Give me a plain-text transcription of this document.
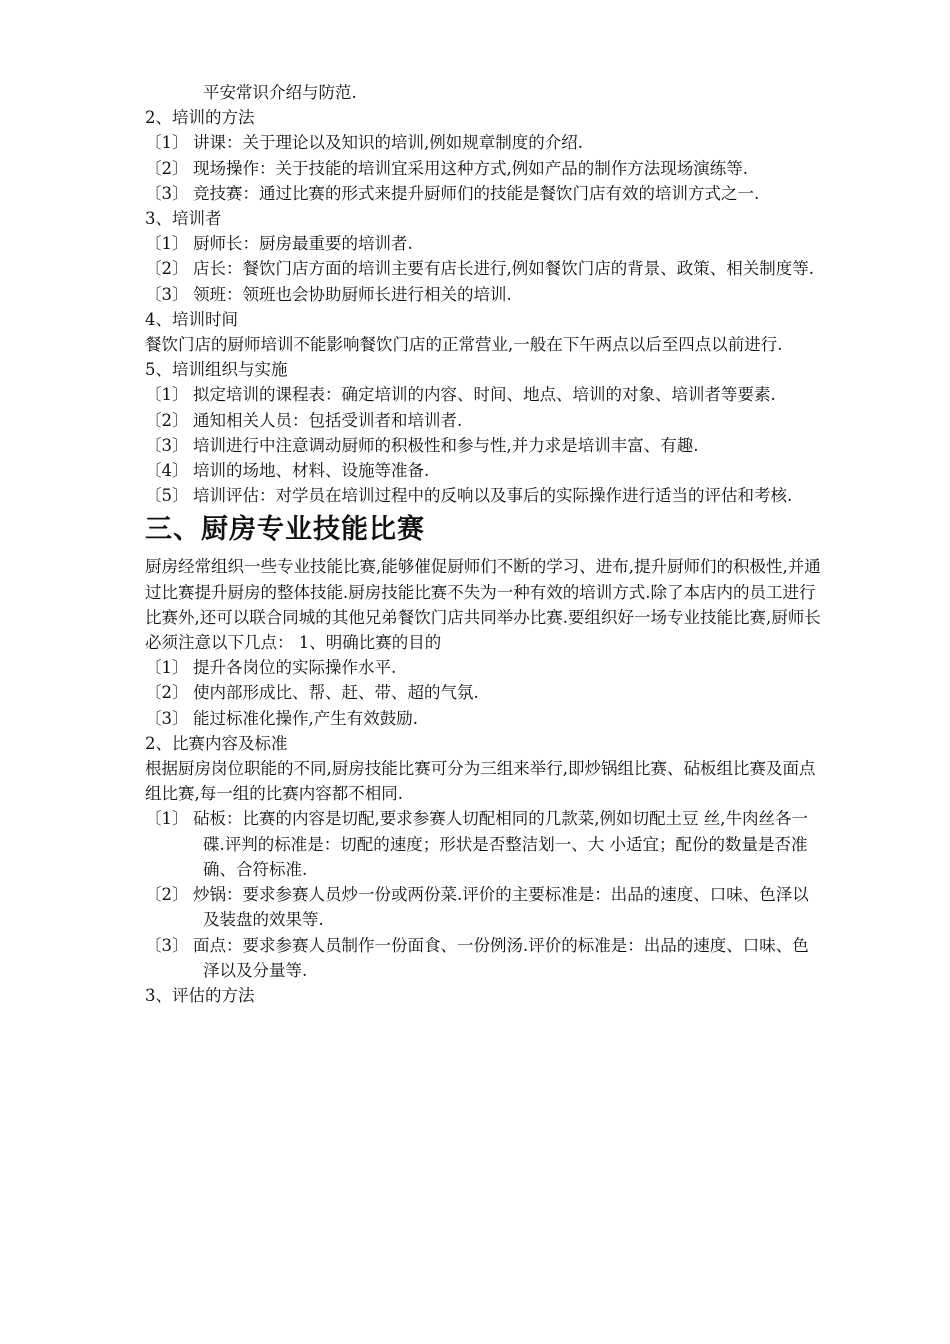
平安常识介绍与防范.

2、培训的方法

〔1〕 讲课：关于理论以及知识的培训,例如规章制度的介绍.

〔2〕 现场操作：关于技能的培训宜采用这种方式,例如产品的制作方法现场演练等.

〔3〕 竞技赛：通过比赛的形式来提升厨师们的技能是餐饮门店有效的培训方式之一.

3、培训者

〔1〕 厨师长：厨房最重要的培训者.

〔2〕 店长：餐饮门店方面的培训主要有店长进行,例如餐饮门店的背景、政策、相关制度等.

〔3〕 领班：领班也会协助厨师长进行相关的培训.

4、培训时间

餐饮门店的厨师培训不能影响餐饮门店的正常营业,一般在下午两点以后至四点以前进行.

5、培训组织与实施

〔1〕 拟定培训的课程表：确定培训的内容、时间、地点、培训的对象、培训者等要素.

〔2〕 通知相关人员：包括受训者和培训者.

〔3〕 培训进行中注意调动厨师的积极性和参与性,并力求是培训丰富、有趣.

〔4〕 培训的场地、材料、设施等准备.

〔5〕 培训评估：对学员在培训过程中的反响以及事后的实际操作进行适当的评估和考核.

三、厨房专业技能比赛

厨房经常组织一些专业技能比赛,能够催促厨师们不断的学习、进布,提升厨师们的积极性,并通过比赛提升厨房的整体技能.厨房技能比赛不失为一种有效的培训方式.除了本店内的员工进行比赛外,还可以联合同城的其他兄弟餐饮门店共同举办比赛.要组织好一场专业技能比赛,厨师长必须注意以下几点： 1、明确比赛的目的

〔1〕 提升各岗位的实际操作水平.

〔2〕 使内部形成比、帮、赶、带、超的气氛.

〔3〕 能过标准化操作,产生有效鼓励.

2、比赛内容及标准

根据厨房岗位职能的不同,厨房技能比赛可分为三组来举行,即炒锅组比赛、砧板组比赛及面点组比赛,每一组的比赛内容都不相同.

〔1〕 砧板：比赛的内容是切配,要求参赛人切配相同的几款菜,例如切配土豆 丝,牛肉丝各一碟.评判的标准是：切配的速度；形状是否整洁划一、大 小适宜；配份的数量是否准确、合符标准.

〔2〕 炒锅：要求参赛人员炒一份或两份菜.评价的主要标准是：出品的速度、口味、色泽以及装盘的效果等.

〔3〕 面点：要求参赛人员制作一份面食、一份例汤.评价的标准是：出品的速度、口味、色泽以及分量等.

3、评估的方法
